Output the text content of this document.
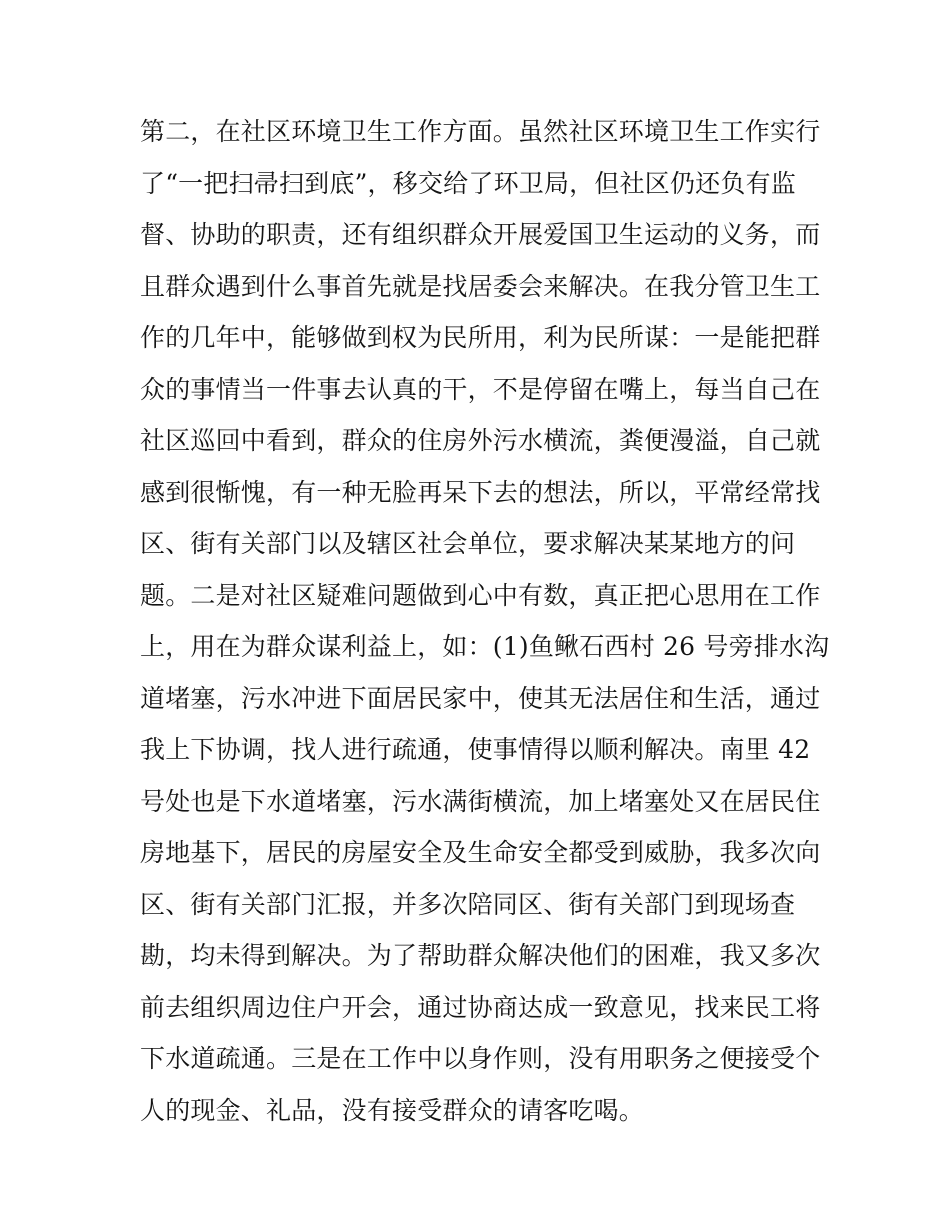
第二，在社区环境卫生工作方面。虽然社区环境卫生工作实行
了“一把扫帚扫到底”，移交给了环卫局，但社区仍还负有监
督、协助的职责，还有组织群众开展爱国卫生运动的义务，而
且群众遇到什么事首先就是找居委会来解决。在我分管卫生工
作的几年中，能够做到权为民所用，利为民所谋：一是能把群
众的事情当一件事去认真的干，不是停留在嘴上，每当自己在
社区巡回中看到，群众的住房外污水横流，粪便漫溢，自己就
感到很惭愧，有一种无脸再呆下去的想法，所以，平常经常找
区、街有关部门以及辖区社会单位，要求解决某某地方的问
题。二是对社区疑难问题做到心中有数，真正把心思用在工作
上，用在为群众谋利益上，如：(1)鱼鳅石西村 26 号旁排水沟
道堵塞，污水冲进下面居民家中，使其无法居住和生活，通过
我上下协调，找人进行疏通，使事情得以顺利解决。南里 42
号处也是下水道堵塞，污水满街横流，加上堵塞处又在居民住
房地基下，居民的房屋安全及生命安全都受到威胁，我多次向
区、街有关部门汇报，并多次陪同区、街有关部门到现场查
勘，均未得到解决。为了帮助群众解决他们的困难，我又多次
前去组织周边住户开会，通过协商达成一致意见，找来民工将
下水道疏通。三是在工作中以身作则，没有用职务之便接受个
人的现金、礼品，没有接受群众的请客吃喝。
